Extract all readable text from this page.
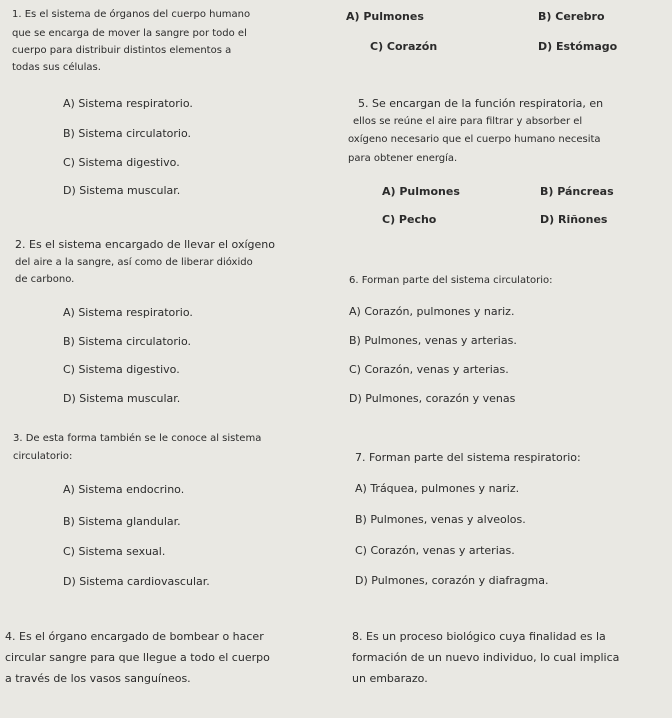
1. Es el sistema de órganos del cuerpo humano
que se encarga de mover la sangre por todo el
cuerpo para distribuir distintos elementos a
todas sus células.
A) Pulmones	B) Cerebro
C) Corazón	D) Estómago
A) Sistema respiratorio.
B) Sistema circulatorio.
C) Sistema digestivo.
D) Sistema muscular.
5. Se encargan de la función respiratoria, en
ellos se reúne el aire para filtrar y absorber el
oxígeno necesario que el cuerpo humano necesita
para obtener energía.
A) Pulmones	B) Páncreas
C) Pecho	D) Riñones
2. Es el sistema encargado de llevar el oxígeno
del aire a la sangre, así como de liberar dióxido
de carbono.
A) Sistema respiratorio.
B) Sistema circulatorio.
C) Sistema digestivo.
D) Sistema muscular.
6. Forman parte del sistema circulatorio:
A) Corazón, pulmones y nariz.
B) Pulmones, venas y arterias.
C) Corazón, venas y arterias.
D) Pulmones, corazón y venas
3. De esta forma también se le conoce al sistema
circulatorio:
A) Sistema endocrino.
B) Sistema glandular.
C) Sistema sexual.
D) Sistema cardiovascular.
7. Forman parte del sistema respiratorio:
A) Tráquea, pulmones y nariz.
B) Pulmones, venas y alveolos.
C) Corazón, venas y arterias.
D) Pulmones, corazón y diafragma.
4. Es el órgano encargado de bombear o hacer
circular sangre para que llegue a todo el cuerpo
a través de los vasos sanguíneos.
8. Es un proceso biológico cuya finalidad es la
formación de un nuevo individuo, lo cual implica
un embarazo.
